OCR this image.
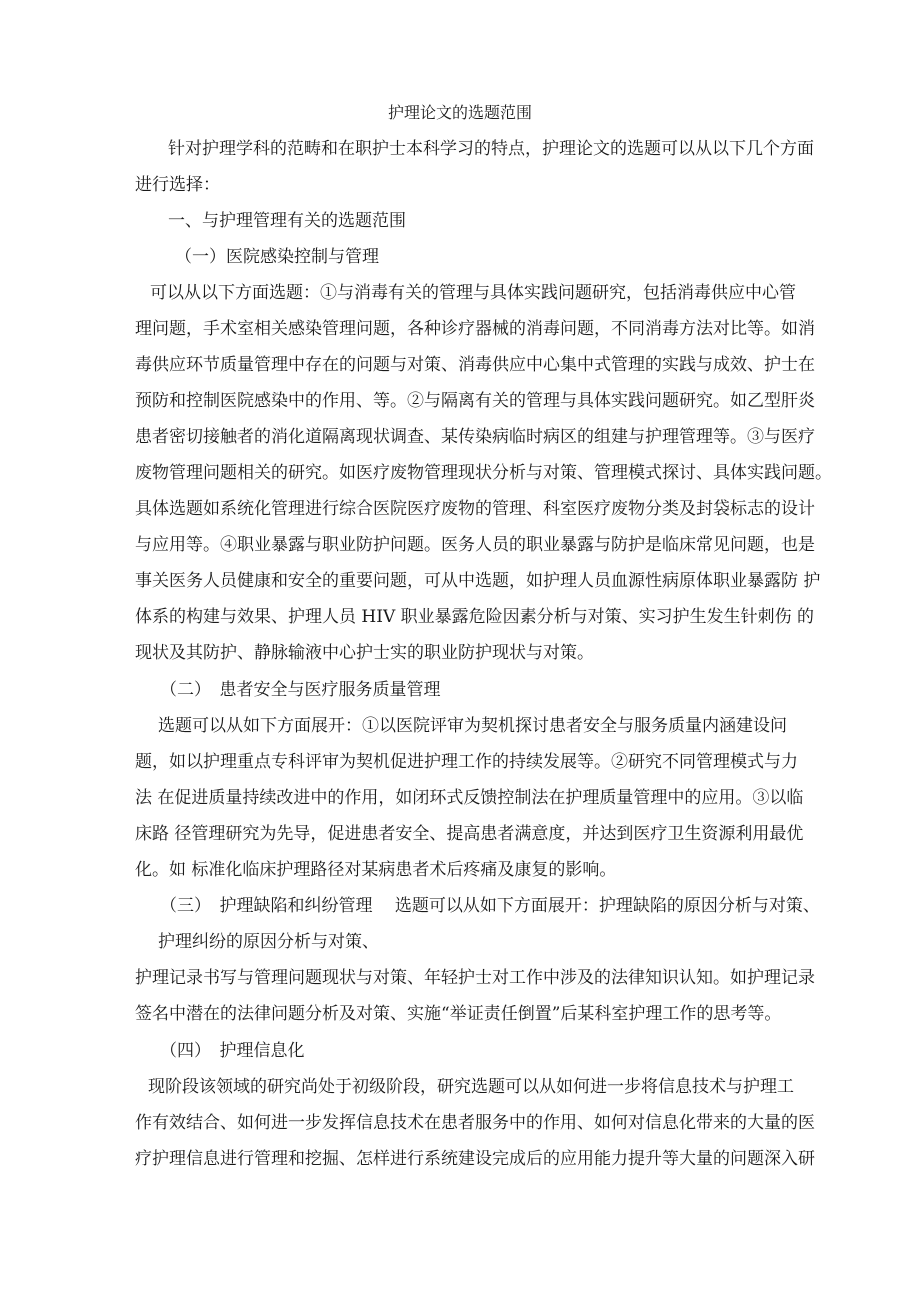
护理论文的选题范围
针对护理学科的范畴和在职护士本科学习的特点，护理论文的选题可以从以下几个方面
进行选择：
一、与护理管理有关的选题范围
（一）医院感染控制与管理
可以从以下方面选题：①与消毒有关的管理与具体实践问题研究，包括消毒供应中心管
理问题，手术室相关感染管理问题，各种诊疗器械的消毒问题，不同消毒方法对比等。如消
毒供应环节质量管理中存在的问题与对策、消毒供应中心集中式管理的实践与成效、护士在
预防和控制医院感染中的作用、等。②与隔离有关的管理与具体实践问题研究。如乙型肝炎
患者密切接触者的消化道隔离现状调查、某传染病临时病区的组建与护理管理等。③与医疗
废物管理问题相关的研究。如医疗废物管理现状分析与对策、管理模式探讨、具体实践问题。
具体选题如系统化管理进行综合医院医疗废物的管理、科室医疗废物分类及封袋标志的设计
与应用等。④职业暴露与职业防护问题。医务人员的职业暴露与防护是临床常见问题，也是
事关医务人员健康和安全的重要问题，可从中选题，如护理人员血源性病原体职业暴露防 护
体系的构建与效果、护理人员 HIV 职业暴露危险因素分析与对策、实习护生发生针刺伤 的
现状及其防护、静脉输液中心护士实的职业防护现状与对策。
（二）　患者安全与医疗服务质量管理
选题可以从如下方面展开：①以医院评审为契机探讨患者安全与服务质量内涵建设问
题，如以护理重点专科评审为契机促进护理工作的持续发展等。②研究不同管理模式与力
法 在促进质量持续改进中的作用，如闭环式反馈控制法在护理质量管理中的应用。③以临
床路 径管理研究为先导，促进患者安全、提高患者满意度，并达到医疗卫生资源利用最优
化。如 标准化临床护理路径对某病患者术后疼痛及康复的影响。
（三）　护理缺陷和纠纷管理　 选题可以从如下方面展开：护理缺陷的原因分析与对策、
护理纠纷的原因分析与对策、
护理记录书写与管理问题现状与对策、年轻护士对工作中涉及的法律知识认知。如护理记录
签名中潜在的法律问题分析及对策、实施“举证责任倒置”后某科室护理工作的思考等。
（四）　护理信息化
现阶段该领域的研究尚处于初级阶段，研究选题可以从如何进一步将信息技术与护理工
作有效结合、如何进一步发挥信息技术在患者服务中的作用、如何对信息化带来的大量的医
疗护理信息进行管理和挖掘、怎样进行系统建设完成后的应用能力提升等大量的问题深入研
